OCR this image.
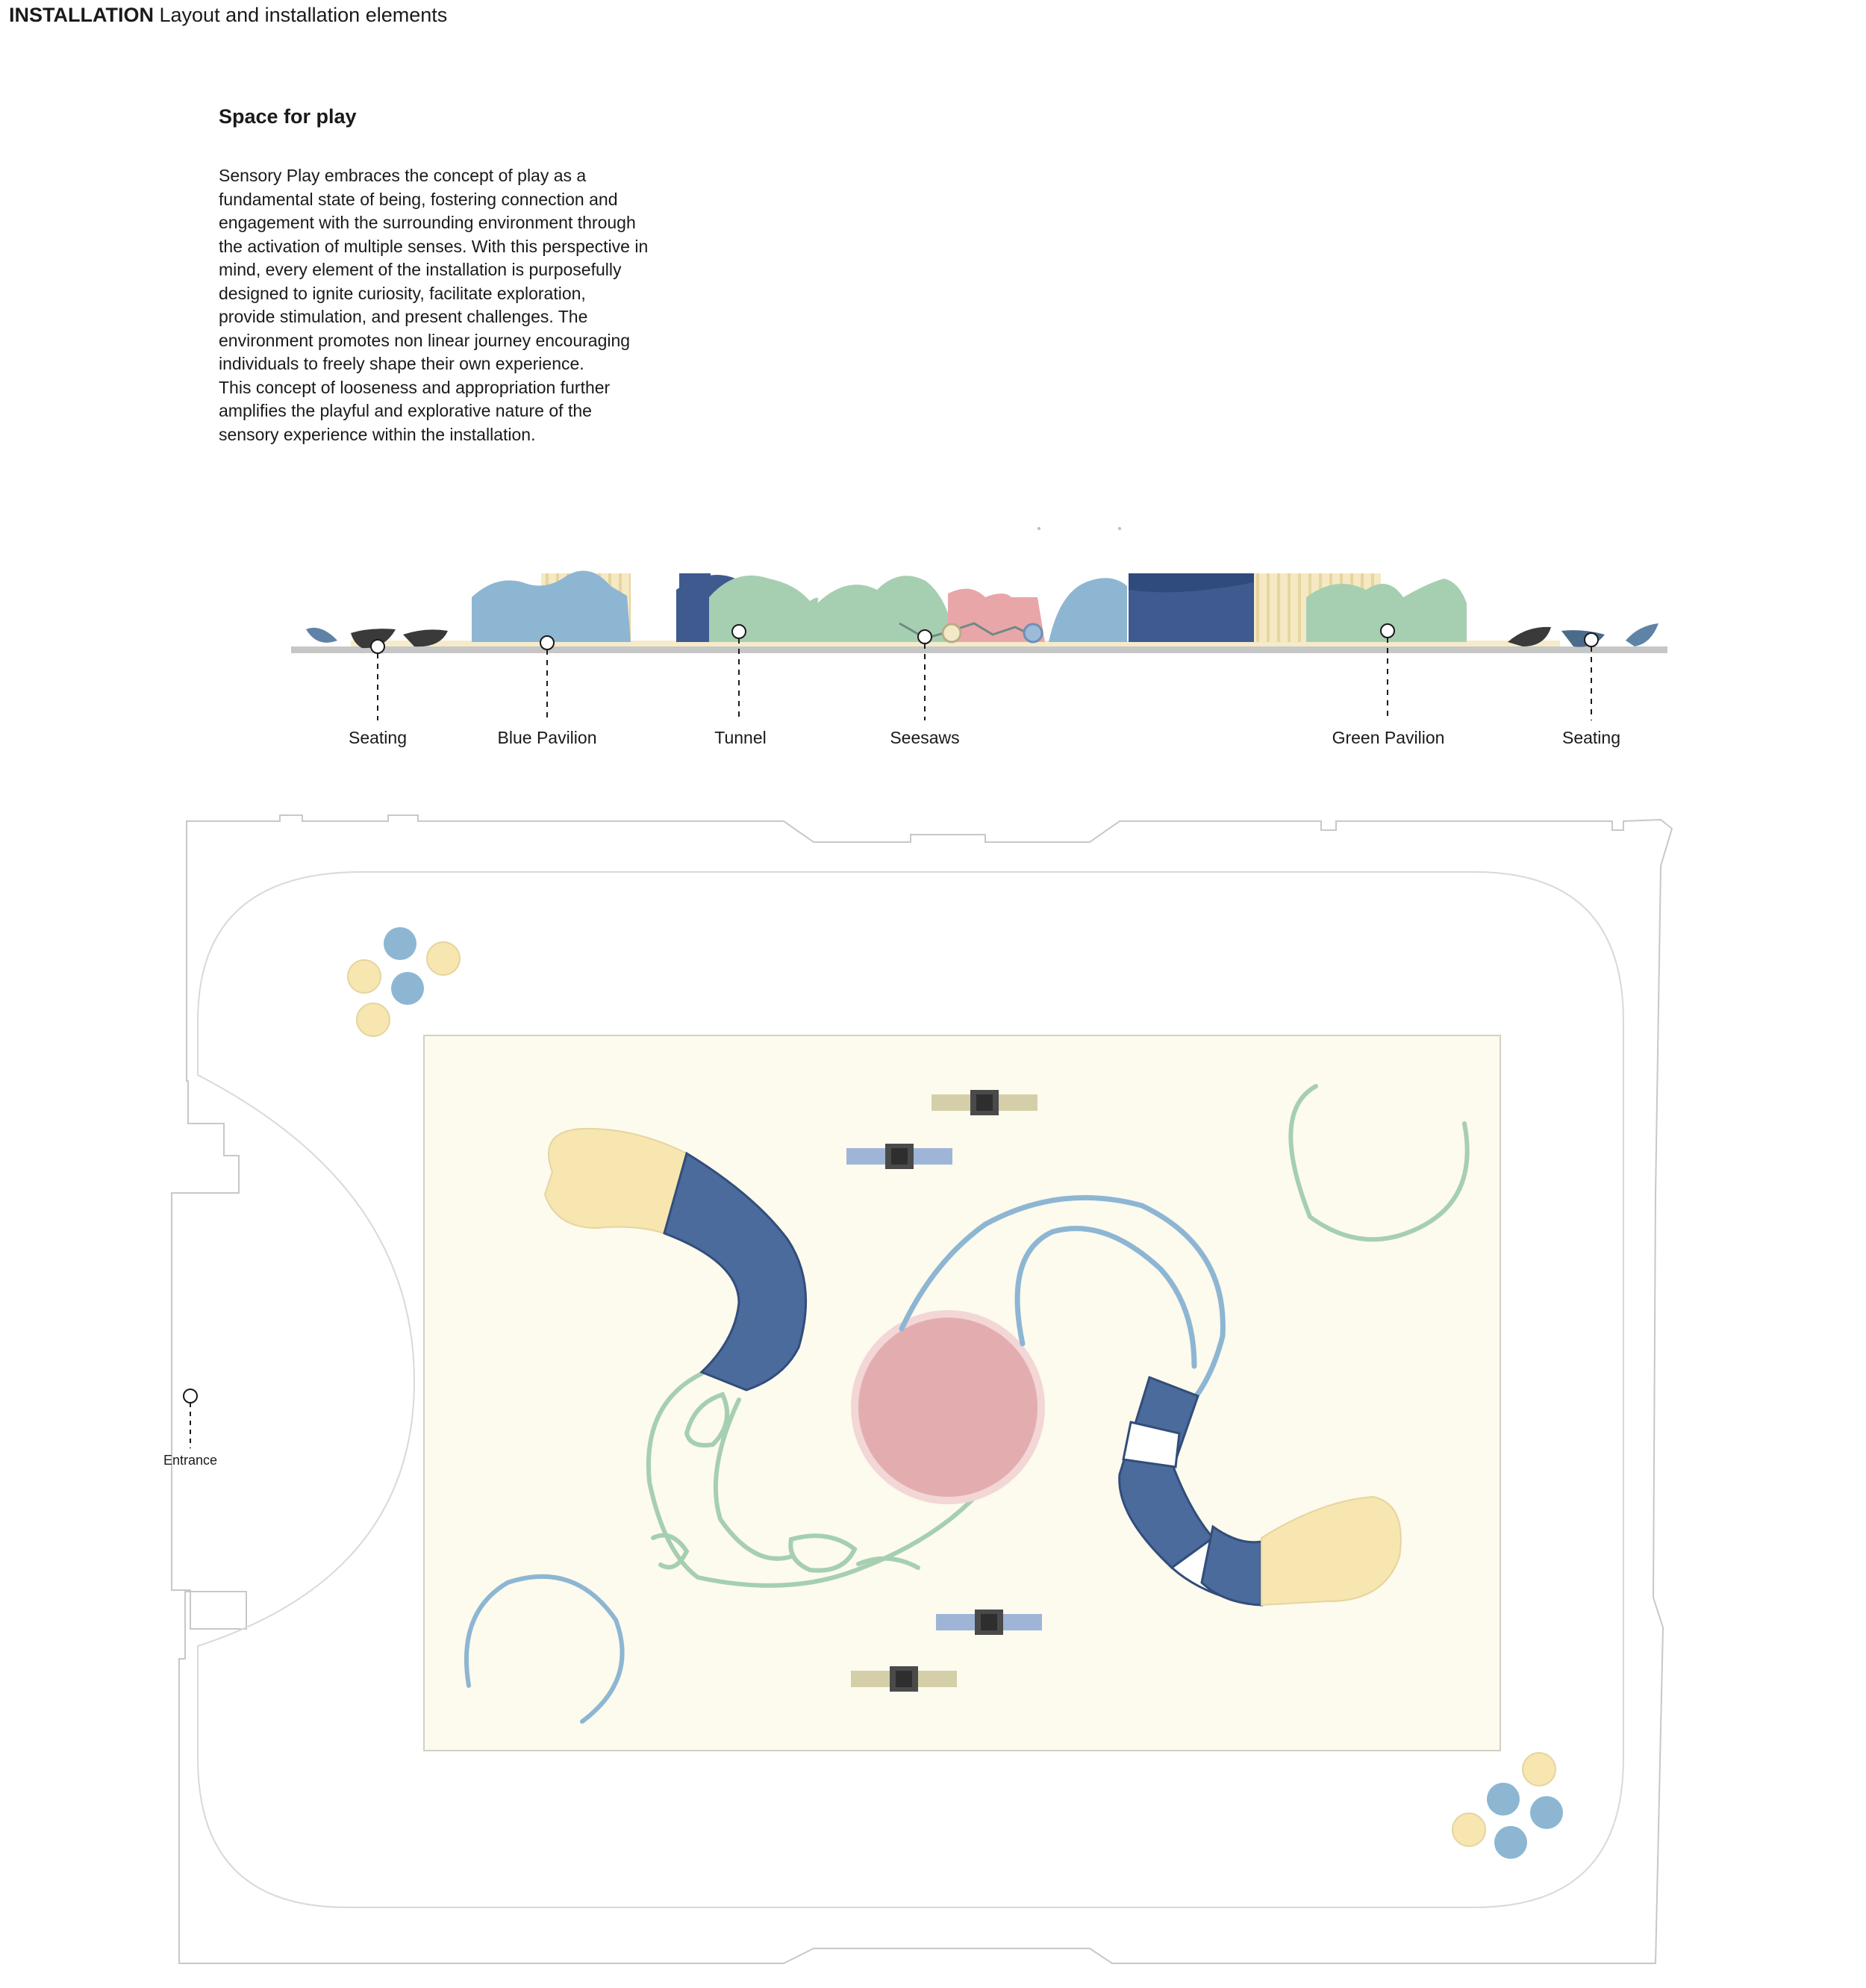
INSTALLATION Layout and installation elements
Space for play
Sensory Play embraces the concept of play as a
fundamental state of being, fostering connection and
engagement with the surrounding environment through
the activation of multiple senses. With this perspective in
mind, every element of the installation is purposefully
designed to ignite curiosity, facilitate exploration,
provide stimulation, and present challenges. The
environment promotes non linear journey encouraging
individuals to freely shape their own experience.
This concept of looseness and appropriation further
amplifies the playful and explorative nature of the
sensory experience within the installation.
Seating	Blue Pavilion	Tunnel	Seesaws	Green Pavilion	Seating
Entrance
